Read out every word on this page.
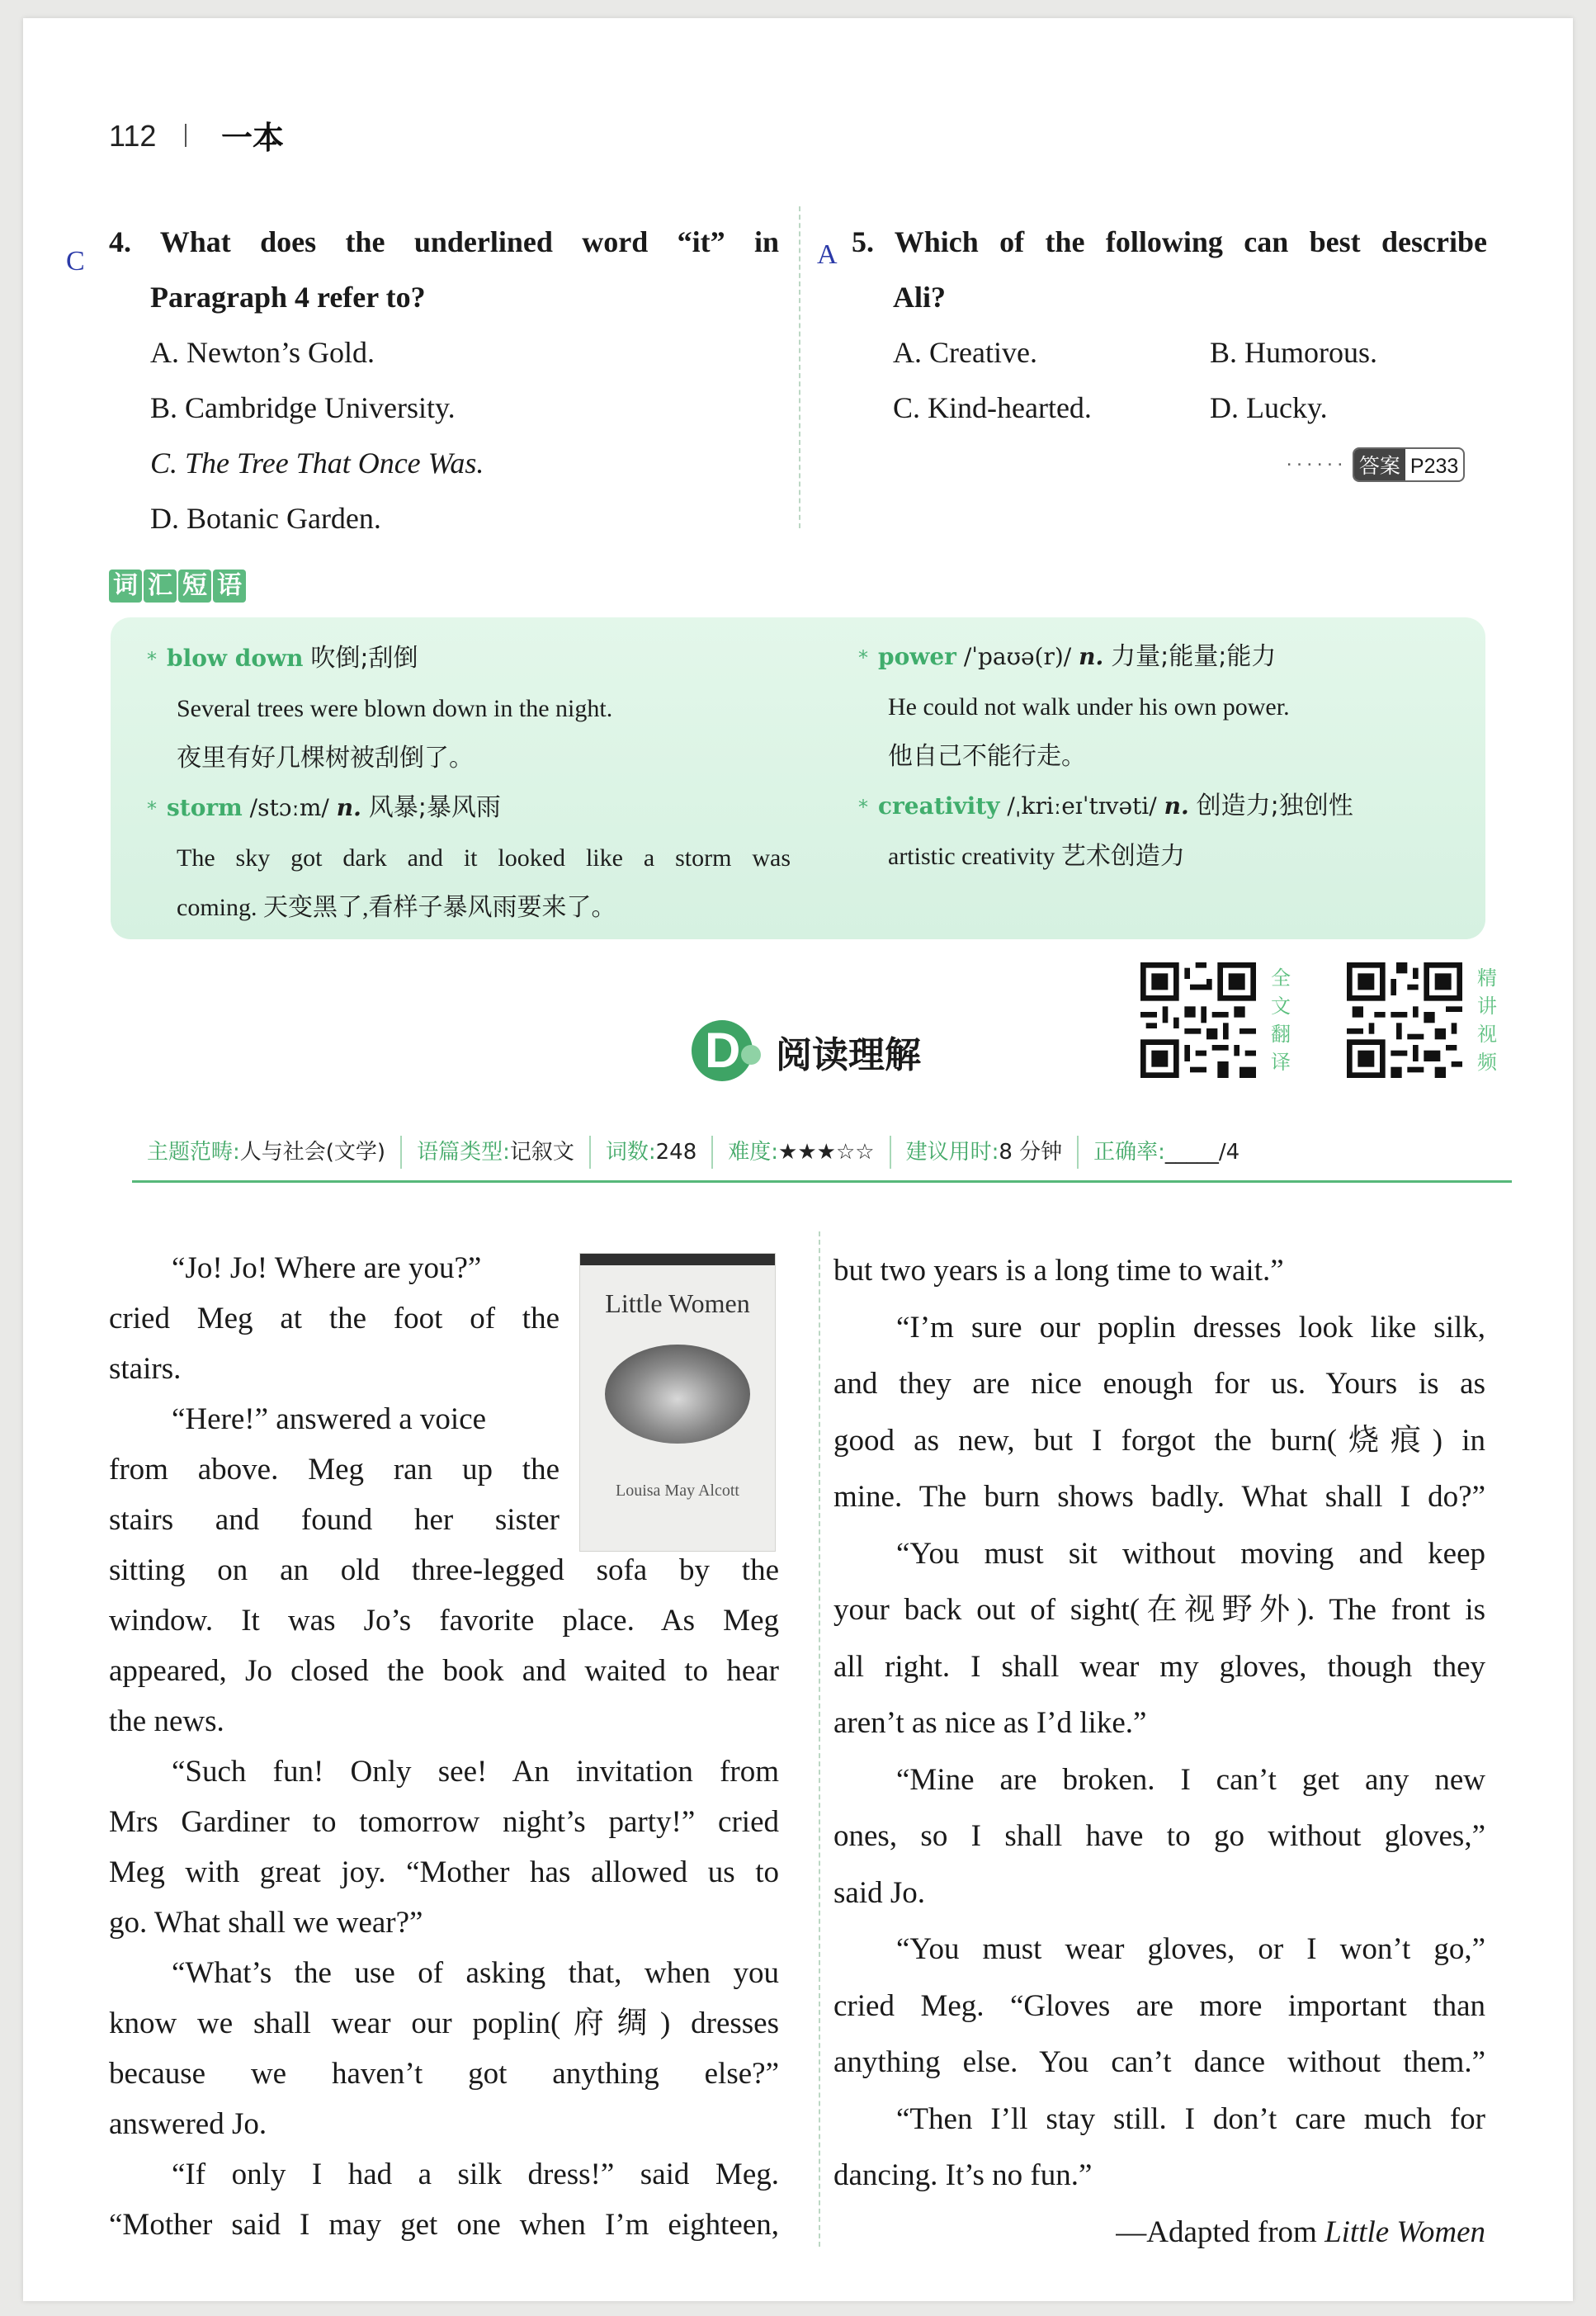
112 一本
C
4. What does the underlined word “it” in
Paragraph 4 refer to?
A. Newton’s Gold.
B. Cambridge University.
C. The Tree That Once Was.
D. Botanic Garden.
A 5. Which of the following can best describe
Ali?
A. Creative.	B. Humorous.
C. Kind-hearted.	D. Lucky.
······ 答案 P233
词 汇 短 语
* blow down 吹倒;刮倒
Several trees were blown down in the night.
夜里有好几棵树被刮倒了。
* storm /stɔːm/ n. 风暴;暴风雨
The sky got dark and it looked like a storm was
coming. 天变黑了,看样子暴风雨要来了。
* power /ˈpaʊə(r)/ n. 力量;能量;能力
He could not walk under his own power.
他自己不能行走。
* creativity /ˌkriːeɪˈtɪvəti/ n. 创造力;独创性
artistic creativity 艺术创造力
D 阅读理解
全
文
翻
译
精
讲
视
频
主题范畴:人与社会(文学)	语篇类型:记叙文	词数:248	难度:★★★☆☆	建议用时:8 分钟	正确率:_____/4
Little Women
Louisa May Alcott
“Jo! Jo! Where are you?”
cried Meg at the foot of the
stairs.
“Here!” answered a voice
from above. Meg ran up the
stairs and found her sister
sitting on an old three-legged sofa by the
window. It was Jo’s favorite place. As Meg
appeared, Jo closed the book and waited to hear
the news.
“Such fun! Only see! An invitation from
Mrs Gardiner to tomorrow night’s party!” cried
Meg with great joy. “Mother has allowed us to
go. What shall we wear?”
“What’s the use of asking that, when you
know we shall wear our poplin(府绸) dresses
because we haven’t got anything else?”
answered Jo.
“If only I had a silk dress!” said Meg.
“Mother said I may get one when I’m eighteen,
but two years is a long time to wait.”
“I’m sure our poplin dresses look like silk,
and they are nice enough for us. Yours is as
good as new, but I forgot the burn(烧痕) in
mine. The burn shows badly. What shall I do?”
“You must sit without moving and keep
your back out of sight(在视野外). The front is
all right. I shall wear my gloves, though they
aren’t as nice as I’d like.”
“Mine are broken. I can’t get any new
ones, so I shall have to go without gloves,”
said Jo.
“You must wear gloves, or I won’t go,”
cried Meg. “Gloves are more important than
anything else. You can’t dance without them.”
“Then I’ll stay still. I don’t care much for
dancing. It’s no fun.”
—Adapted from Little Women
